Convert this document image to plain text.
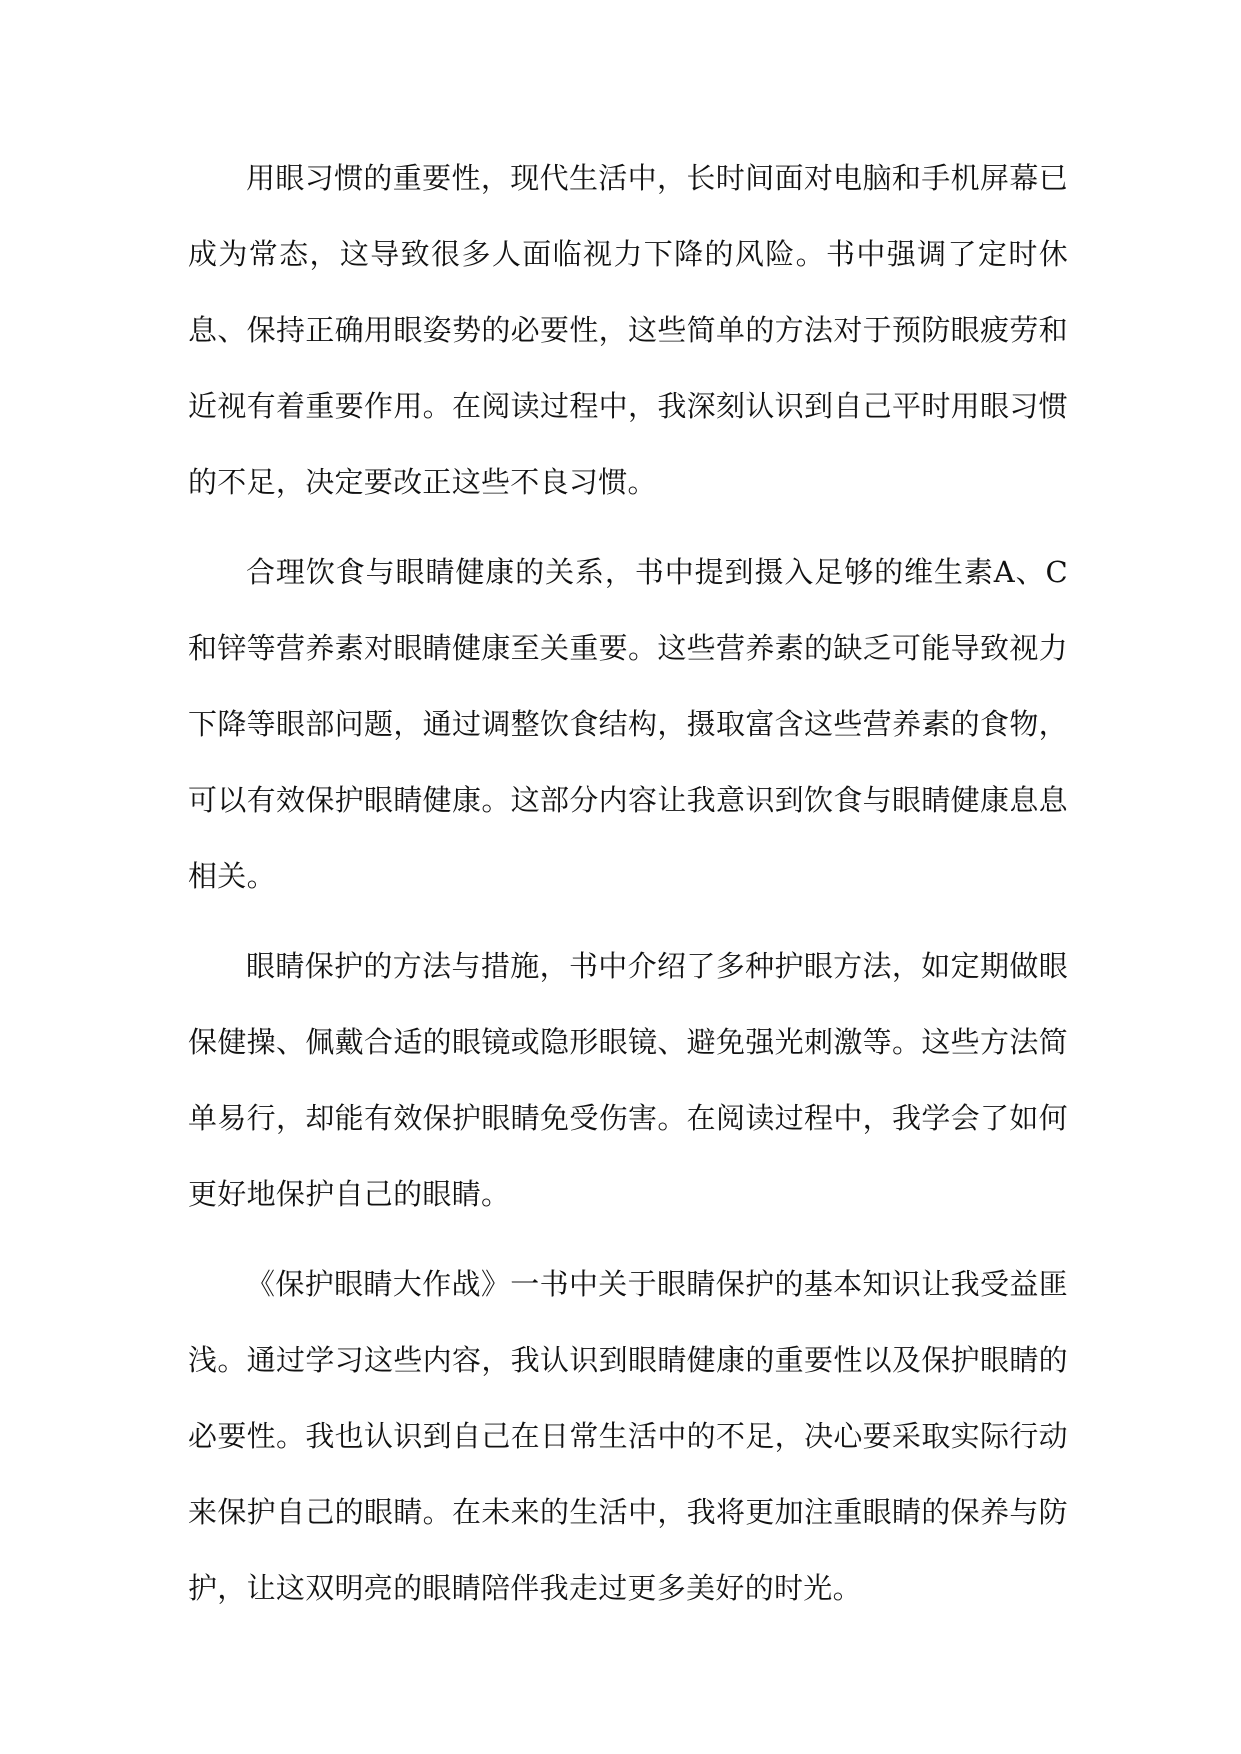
用眼习惯的重要性，现代生活中，长时间面对电脑和手机屏幕已成为常态，这导致很多人面临视力下降的风险。书中强调了定时休息、保持正确用眼姿势的必要性，这些简单的方法对于预防眼疲劳和近视有着重要作用。在阅读过程中，我深刻认识到自己平时用眼习惯的不足，决定要改正这些不良习惯。

合理饮食与眼睛健康的关系，书中提到摄入足够的维生素A、C和锌等营养素对眼睛健康至关重要。这些营养素的缺乏可能导致视力下降等眼部问题，通过调整饮食结构，摄取富含这些营养素的食物，可以有效保护眼睛健康。这部分内容让我意识到饮食与眼睛健康息息相关。

眼睛保护的方法与措施，书中介绍了多种护眼方法，如定期做眼保健操、佩戴合适的眼镜或隐形眼镜、避免强光刺激等。这些方法简单易行，却能有效保护眼睛免受伤害。在阅读过程中，我学会了如何更好地保护自己的眼睛。

《保护眼睛大作战》一书中关于眼睛保护的基本知识让我受益匪浅。通过学习这些内容，我认识到眼睛健康的重要性以及保护眼睛的必要性。我也认识到自己在日常生活中的不足，决心要采取实际行动来保护自己的眼睛。在未来的生活中，我将更加注重眼睛的保养与防护，让这双明亮的眼睛陪伴我走过更多美好的时光。
